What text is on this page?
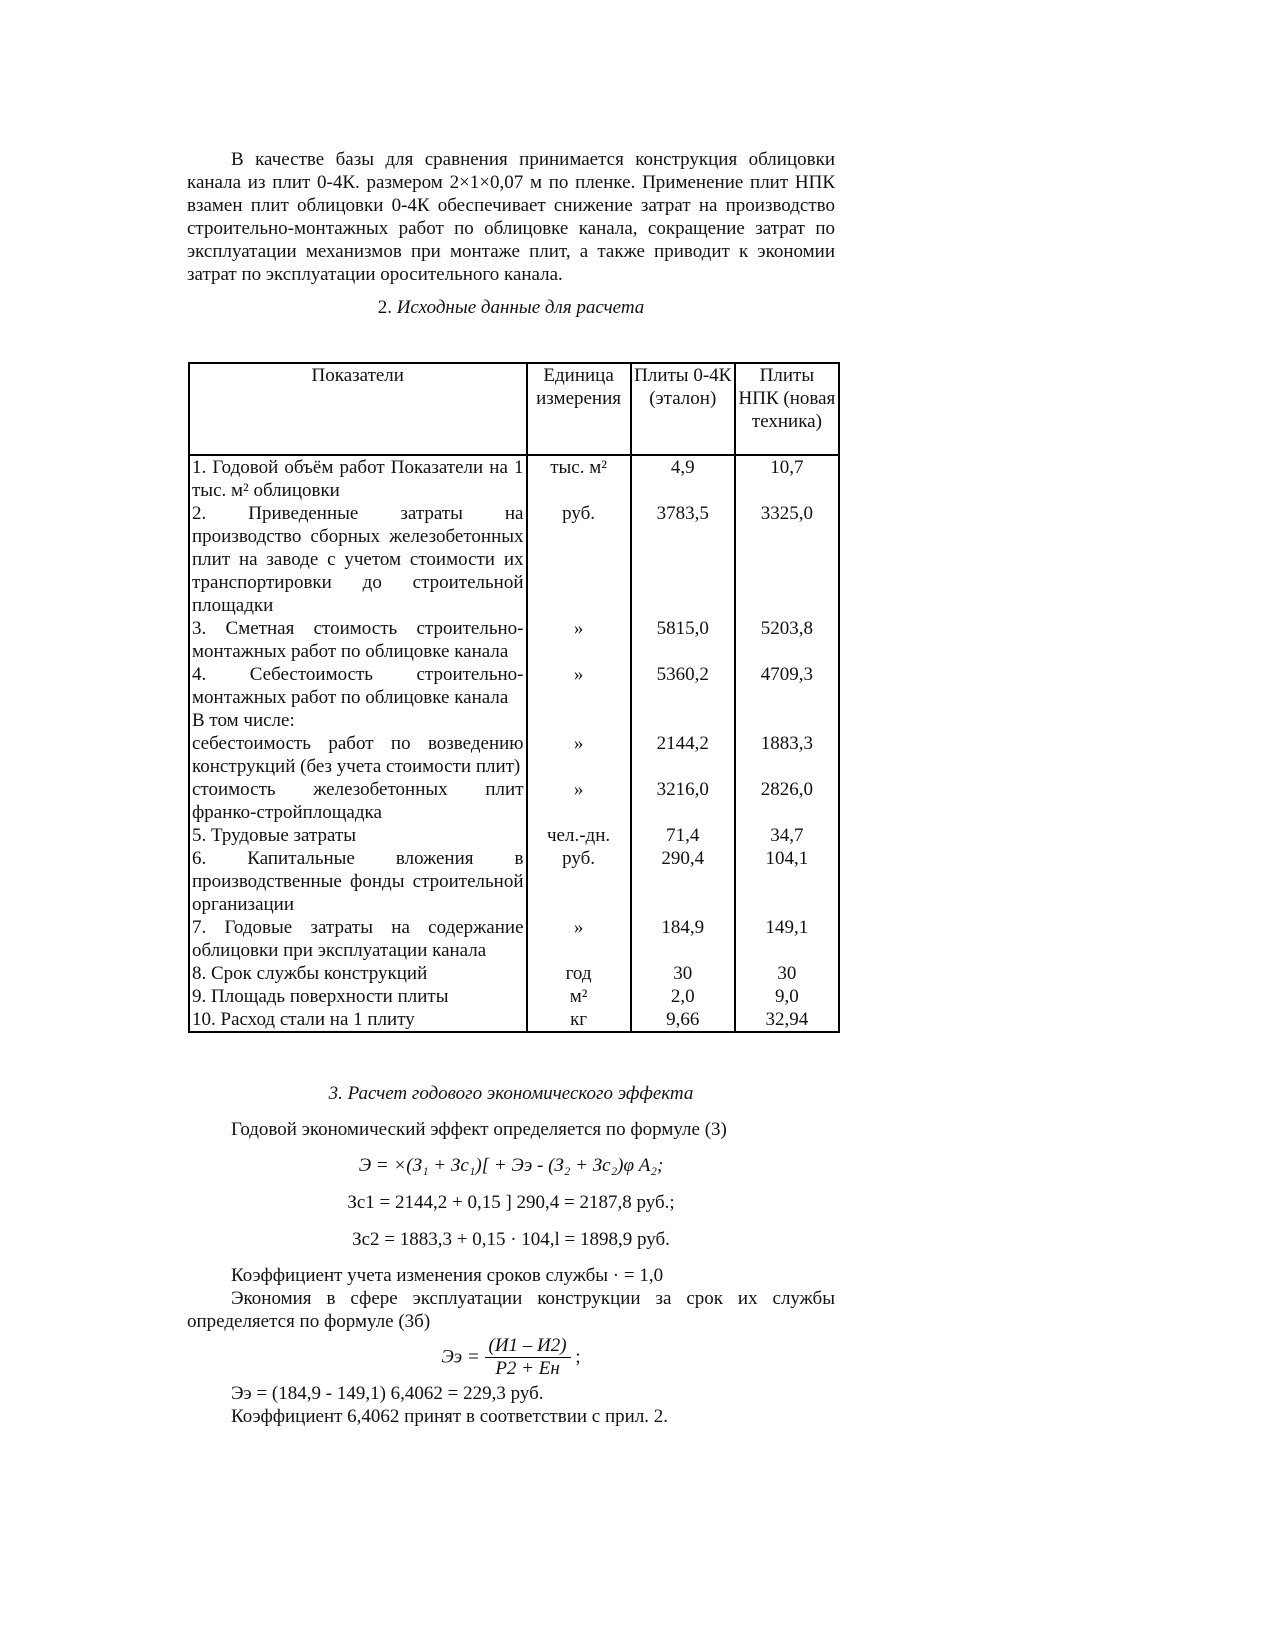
В качестве базы для сравнения принимается конструкция облицовки канала из плит 0-4К. размером 2×1×0,07 м по пленке. Применение плит НПК взамен плит облицовки 0-4К обеспечивает снижение затрат на производство строительно-монтажных работ по облицовке канала, сокращение затрат по эксплуатации механизмов при монтаже плит, а также приводит к экономии затрат по эксплуатации оросительного канала.

2. Исходные данные для расчета
Показатели	Единица измерения	Плиты 0-4К (эталон)	Плиты НПК (новая техника)
1. Годовой объём работ Показатели на 1 тыс. м² облицовки	тыс. м²	4,9	10,7
2. Приведенные затраты на производство сборных железобетонных плит на заводе с учетом стоимости их транспортировки до строительной площадки	руб.	3783,5	3325,0
3. Сметная стоимость строительно-монтажных работ по облицовке канала	»	5815,0	5203,8
4. Себестоимость строительно-монтажных работ по облицовке канала	»	5360,2	4709,3
В том числе:			
себестоимость работ по возведению конструкций (без учета стоимости плит)	»	2144,2	1883,3
стоимость железобетонных плит франко-стройплощадка	»	3216,0	2826,0
5. Трудовые затраты	чел.-дн.	71,4	34,7
6. Капитальные вложения в производственные фонды строительной организации	руб.	290,4	104,1
7. Годовые затраты на содержание облицовки при эксплуатации канала	»	184,9	149,1
8. Срок службы конструкций	год	30	30
9. Площадь поверхности плиты	м²	2,0	9,0
10. Расход стали на 1 плиту	кг	9,66	32,94
3. Расчет годового экономического эффекта

Годовой экономический эффект определяется по формуле (3)

Э = ×(З₁ + Зс₁)[ + Ээ - (З₂ + Зс₂)φ А₂;
Зс1 = 2144,2 + 0,15 ] 290,4 = 2187,8 руб.;
Зс2 = 1883,3 + 0,15 · 104,l = 1898,9 руб.

Коэффициент учета изменения сроков службы · = 1,0

Экономия в сфере эксплуатации конструкции за срок их службы определяется по формуле (3б)

Ээ = $\frac{(И1 - И2)}{Р2 + Ен}$ ;

Ээ = (184,9 - 149,1) 6,4062 = 229,3 руб.

Коэффициент 6,4062 принят в соответствии с прил. 2.
